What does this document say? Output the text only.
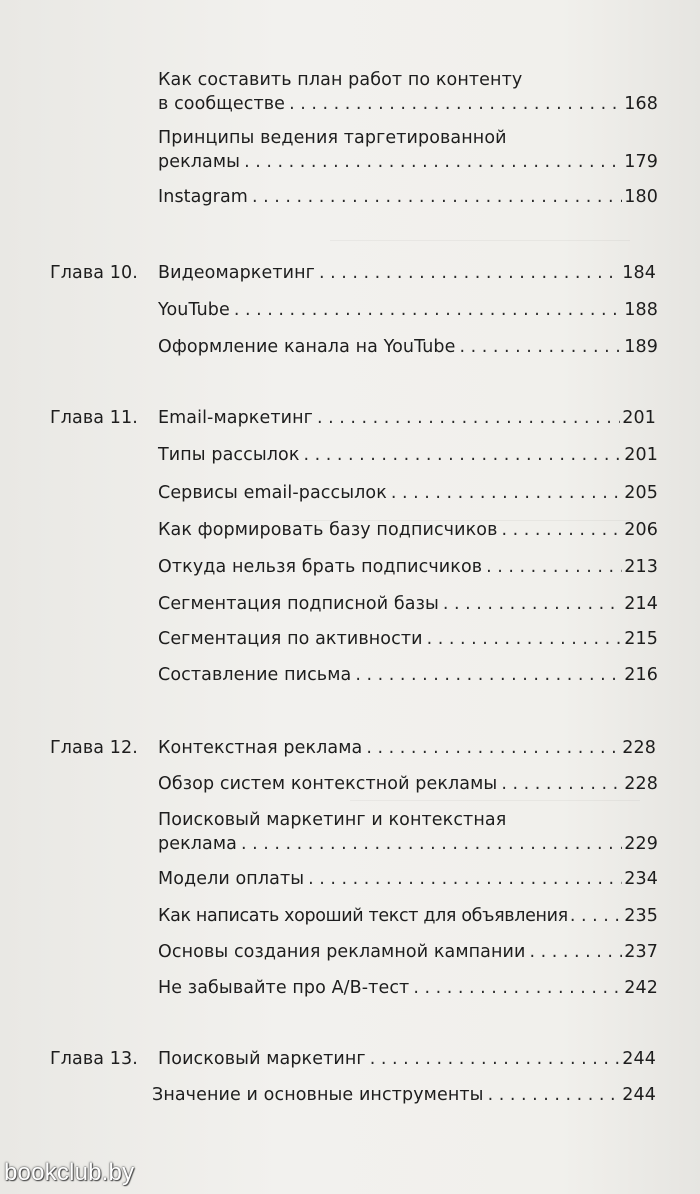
Как составить план работ по контенту
в сообществе . . .	168
Принципы ведения таргетированной
рекламы . . .	179
Instagram . . .	180
Глава 10. Видеомаркетинг . . .	184
YouTube . . .	188
Оформление канала на YouTube . . .	189
Глава 11. Email-маркетинг . . .	201
Типы рассылок . . .	201
Сервисы email-рассылок . . .	205
Как формировать базу подписчиков . . .	206
Откуда нельзя брать подписчиков . . .	213
Сегментация подписной базы . . .	214
Сегментация по активности . . .	215
Составление письма . . .	216
Глава 12. Контекстная реклама . . .	228
Обзор систем контекстной рекламы . . .	228
Поисковый маркетинг и контекстная
реклама . . .	229
Модели оплаты . . .	234
Как написать хороший текст для объявления . . .	235
Основы создания рекламной кампании . . .	237
Не забывайте про А/В-тест . . .	242
Глава 13. Поисковый маркетинг . . .	244
Значение и основные инструменты . . .	244
bookclub.by
